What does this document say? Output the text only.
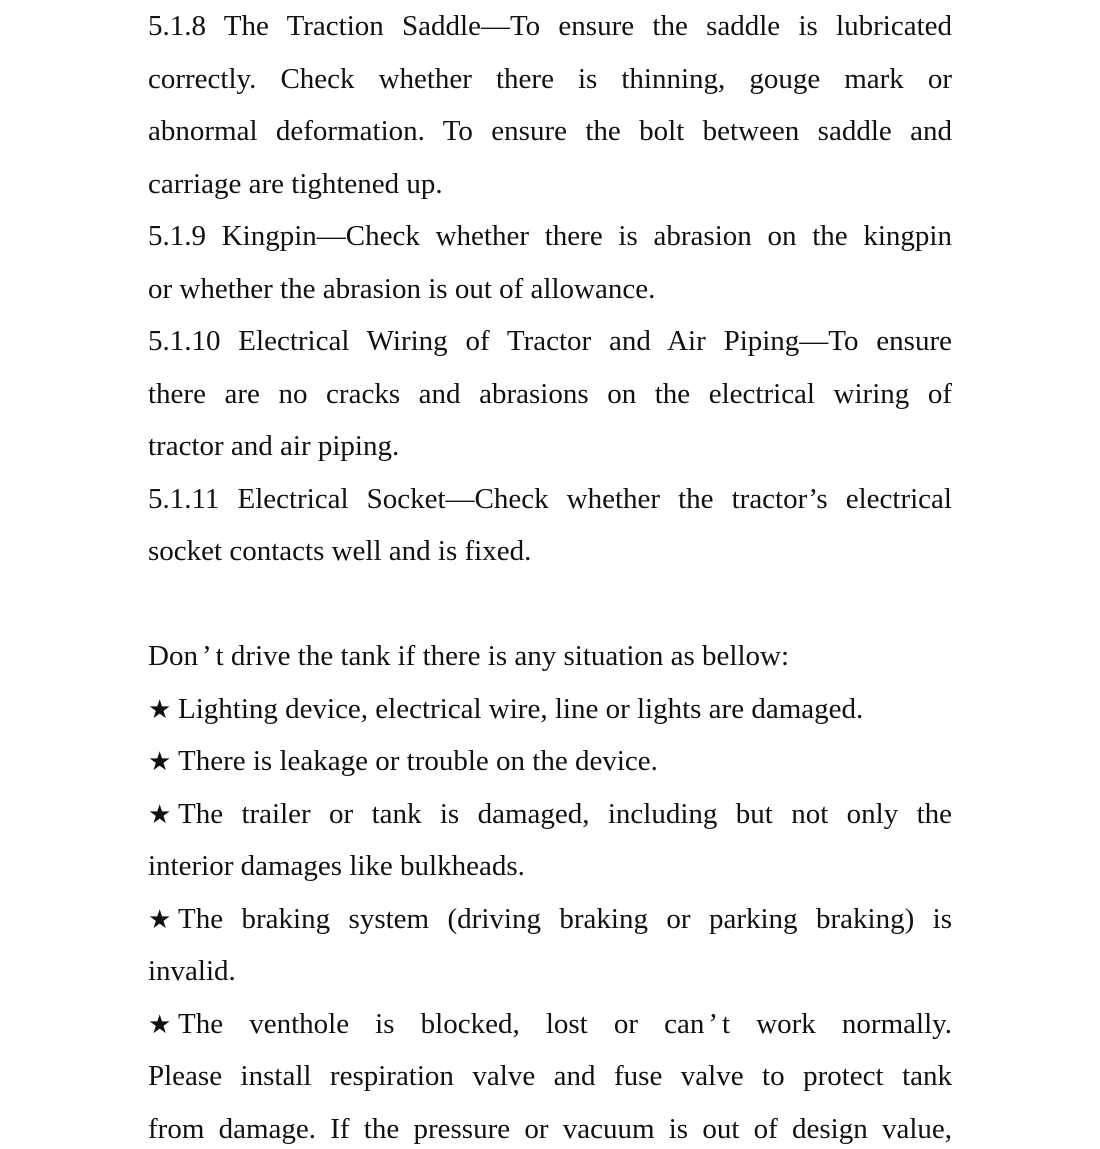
5.1.8 The Traction Saddle—To ensure the saddle is lubricated
correctly. Check whether there is thinning, gouge mark or
abnormal deformation. To ensure the bolt between saddle and
carriage are tightened up.
5.1.9 Kingpin—Check whether there is abrasion on the kingpin
or whether the abrasion is out of allowance.
5.1.10 Electrical Wiring of Tractor and Air Piping—To ensure
there are no cracks and abrasions on the electrical wiring of
tractor and air piping.
5.1.11 Electrical Socket—Check whether the tractor’s electrical
socket contacts well and is fixed.
Don ’ t drive the tank if there is any situation as bellow:
★ Lighting device, electrical wire, line or lights are damaged.
★ There is leakage or trouble on the device.
★ The trailer or tank is damaged, including but not only the
interior damages like bulkheads.
★ The braking system (driving braking or parking braking) is
invalid.
★ The venthole is blocked, lost or can ’ t work normally.
Please install respiration valve and fuse valve to protect tank
from damage. If the pressure or vacuum is out of design value,
